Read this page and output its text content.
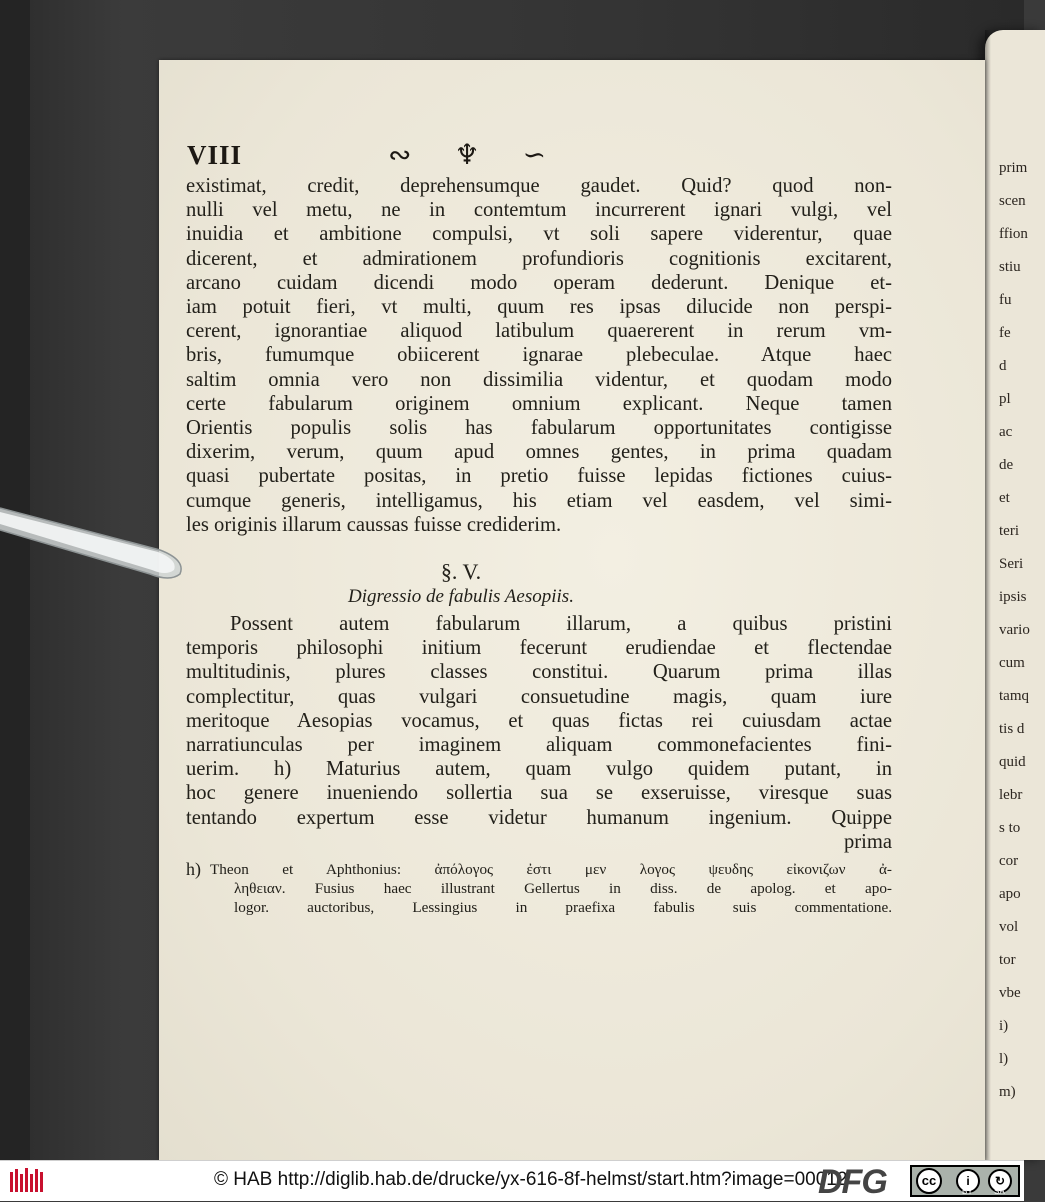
prim
scen
ffion
stiu
fu
fe
d
pl
ac
de
et
teri
Seri
ipsis
vario
cum
tamq
tis d
quid
lebr
s to
cor
apo
vol
tor
vbe
i)
l)
m)
VIII	∾ ♆ ∽
existimat, credit, deprehensumque gaudet. Quid? quod non-
nulli vel metu, ne in contemtum incurrerent ignari vulgi, vel
inuidia et ambitione compulsi, vt soli sapere viderentur, quae
dicerent, et admirationem profundioris cognitionis excitarent,
arcano cuidam dicendi modo operam dederunt. Denique et-
iam potuit fieri, vt multi, quum res ipsas dilucide non perspi-
cerent, ignorantiae aliquod latibulum quaererent in rerum vm-
bris, fumumque obiicerent ignarae plebeculae. Atque haec
saltim omnia vero non dissimilia videntur, et quodam modo
certe fabularum originem omnium explicant. Neque tamen
Orientis populis solis has fabularum opportunitates contigisse
dixerim, verum, quum apud omnes gentes, in prima quadam
quasi pubertate positas, in pretio fuisse lepidas fictiones cuius-
cumque generis, intelligamus, his etiam vel easdem, vel simi-
les originis illarum caussas fuisse crediderim.
§. V.
Digressio de fabulis Aesopiis.
Possent autem fabularum illarum, a quibus pristini
temporis philosophi initium fecerunt erudiendae et flectendae
multitudinis, plures classes constitui. Quarum prima illas
complectitur, quas vulgari consuetudine magis, quam iure
meritoque Aesopias vocamus, et quas fictas rei cuiusdam actae
narratiunculas per imaginem aliquam commonefacientes fini-
uerim. h) Maturius autem, quam vulgo quidem putant, in
hoc genere inueniendo sollertia sua se exseruisse, viresque suas
tentando expertum esse videtur humanum ingenium. Quippe
prima
h) Theon et Aphthonius: ἀπόλογος ἐστι μεν λογος ψευδης εἰκονιζων ἀ-
ληθειαν. Fusius haec illustrant Gellertus in diss. de apolog. et apo-
logor. auctoribus, Lessingius in praefixa fabulis suis commentatione.
© HAB http://diglib.hab.de/drucke/yx-616-8f-helmst/start.htm?image=00012
DFG	cc	i	↻
BY	SA
